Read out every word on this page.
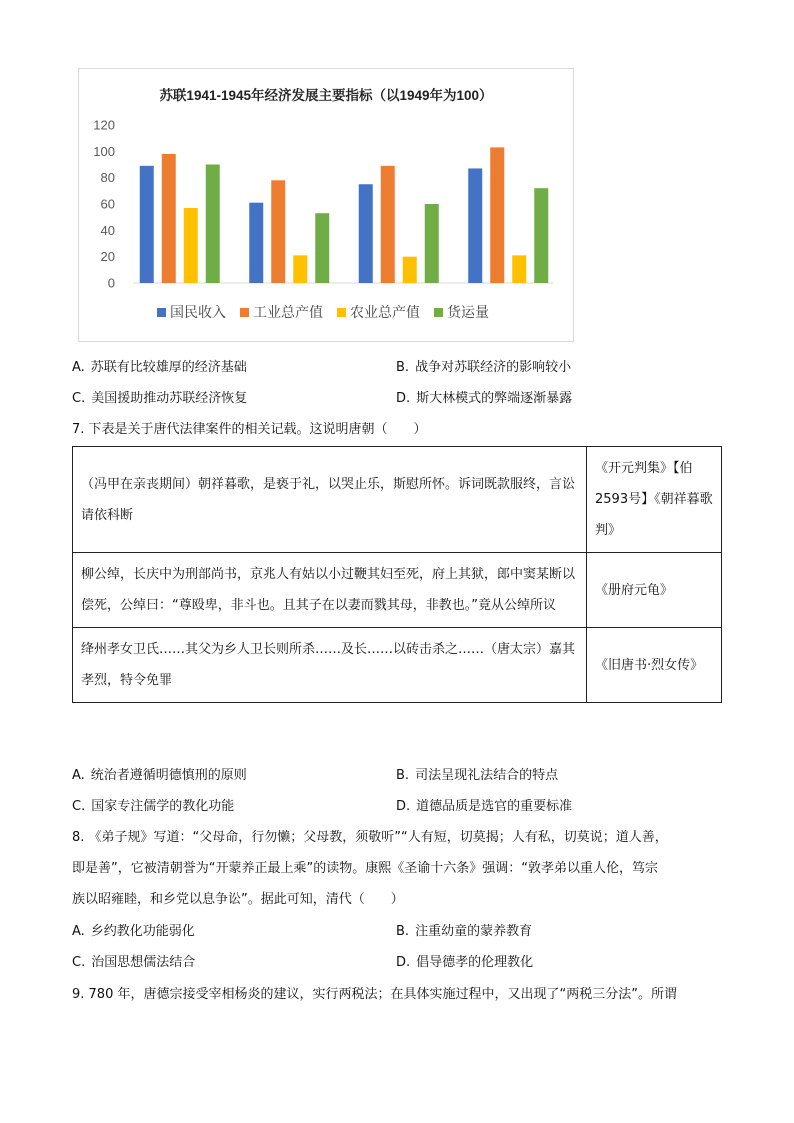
苏联1941-1945年经济发展主要指标（以1949年为100）
120
100
80
60
40
20
0
国民收入 工业总产值 农业总产值 货运量
A. 苏联有比较雄厚的经济基础	B. 战争对苏联经济的影响较小
C. 美国援助推动苏联经济恢复	D. 斯大林模式的弊端逐渐暴露
7. 下表是关于唐代法律案件的相关记载。这说明唐朝（　　）
（冯甲在亲丧期间）朝祥暮歌，是亵于礼，以哭止乐，斯慰所怀。诉词既款服终，言讼请依科断	《开元判集》【伯2593号】《朝祥暮歌判》
柳公绰，长庆中为刑部尚书，京兆人有姑以小过鞭其妇至死，府上其狱，郎中窦某断以偿死，公绰曰：“尊殴卑，非斗也。且其子在以妻而戮其母，非教也。”竟从公绰所议	《册府元龟》
绛州孝女卫氏……其父为乡人卫长则所杀……及长……以砖击杀之……（唐太宗）嘉其孝烈，特令免罪	《旧唐书·烈女传》
A. 统治者遵循明德慎刑的原则	B. 司法呈现礼法结合的特点
C. 国家专注儒学的教化功能	D. 道德品质是选官的重要标准
8. 《弟子规》写道：“父母命，行勿懒；父母教，须敬听”“人有短，切莫揭；人有私，切莫说；道人善，
即是善”，它被清朝誉为“开蒙养正最上乘”的读物。康熙《圣谕十六条》强调：“敦孝弟以重人伦，笃宗
族以昭雍睦，和乡党以息争讼”。据此可知，清代（　　）
A. 乡约教化功能弱化	B. 注重幼童的蒙养教育
C. 治国思想儒法结合	D. 倡导德孝的伦理教化
9. 780 年，唐德宗接受宰相杨炎的建议，实行两税法；在具体实施过程中，又出现了“两税三分法”。所谓
